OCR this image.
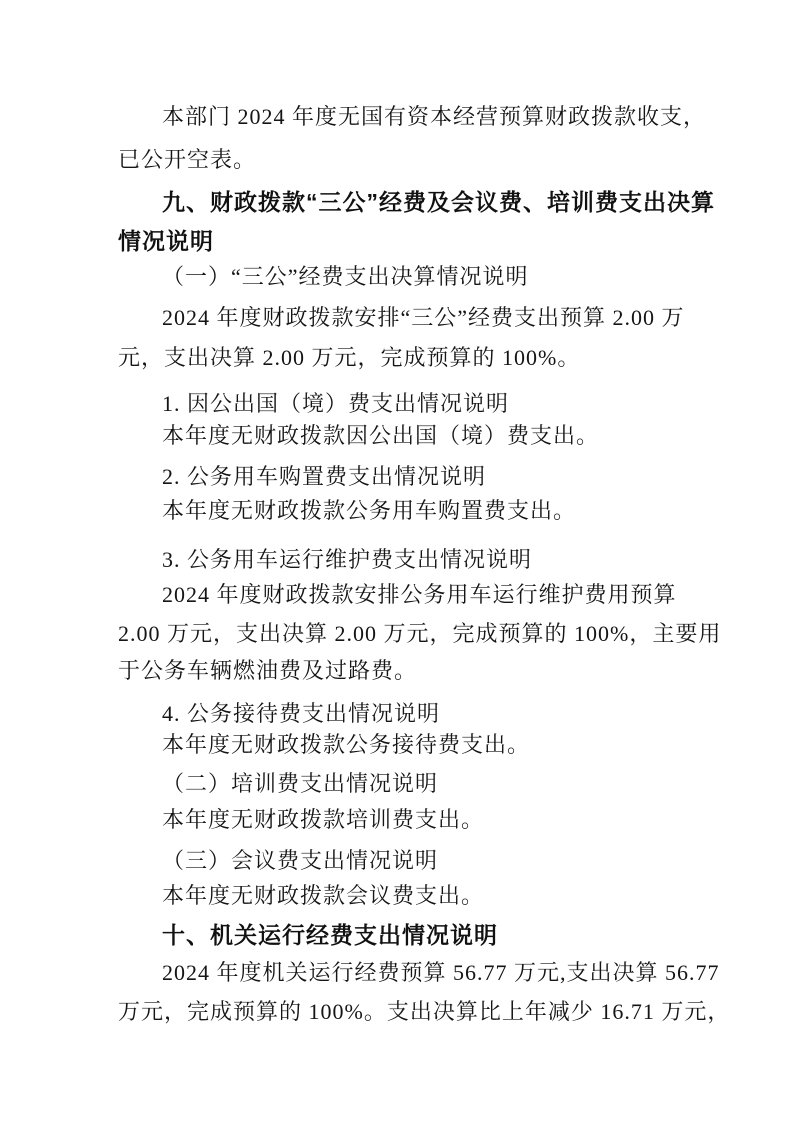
本部门 2024 年度无国有资本经营预算财政拨款收支，
已公开空表。
九、财政拨款“三公”经费及会议费、培训费支出决算
情况说明
（一）“三公”经费支出决算情况说明
2024 年度财政拨款安排“三公”经费支出预算 2.00 万
元，支出决算 2.00 万元，完成预算的 100%。
1. 因公出国（境）费支出情况说明
本年度无财政拨款因公出国（境）费支出。
2. 公务用车购置费支出情况说明
本年度无财政拨款公务用车购置费支出。
3. 公务用车运行维护费支出情况说明
2024 年度财政拨款安排公务用车运行维护费用预算
2.00 万元，支出决算 2.00 万元，完成预算的 100%，主要用
于公务车辆燃油费及过路费。
4. 公务接待费支出情况说明
本年度无财政拨款公务接待费支出。
（二）培训费支出情况说明
本年度无财政拨款培训费支出。
（三）会议费支出情况说明
本年度无财政拨款会议费支出。
十、机关运行经费支出情况说明
2024 年度机关运行经费预算 56.77 万元,支出决算 56.77
万元，完成预算的 100%。支出决算比上年减少 16.71 万元，
